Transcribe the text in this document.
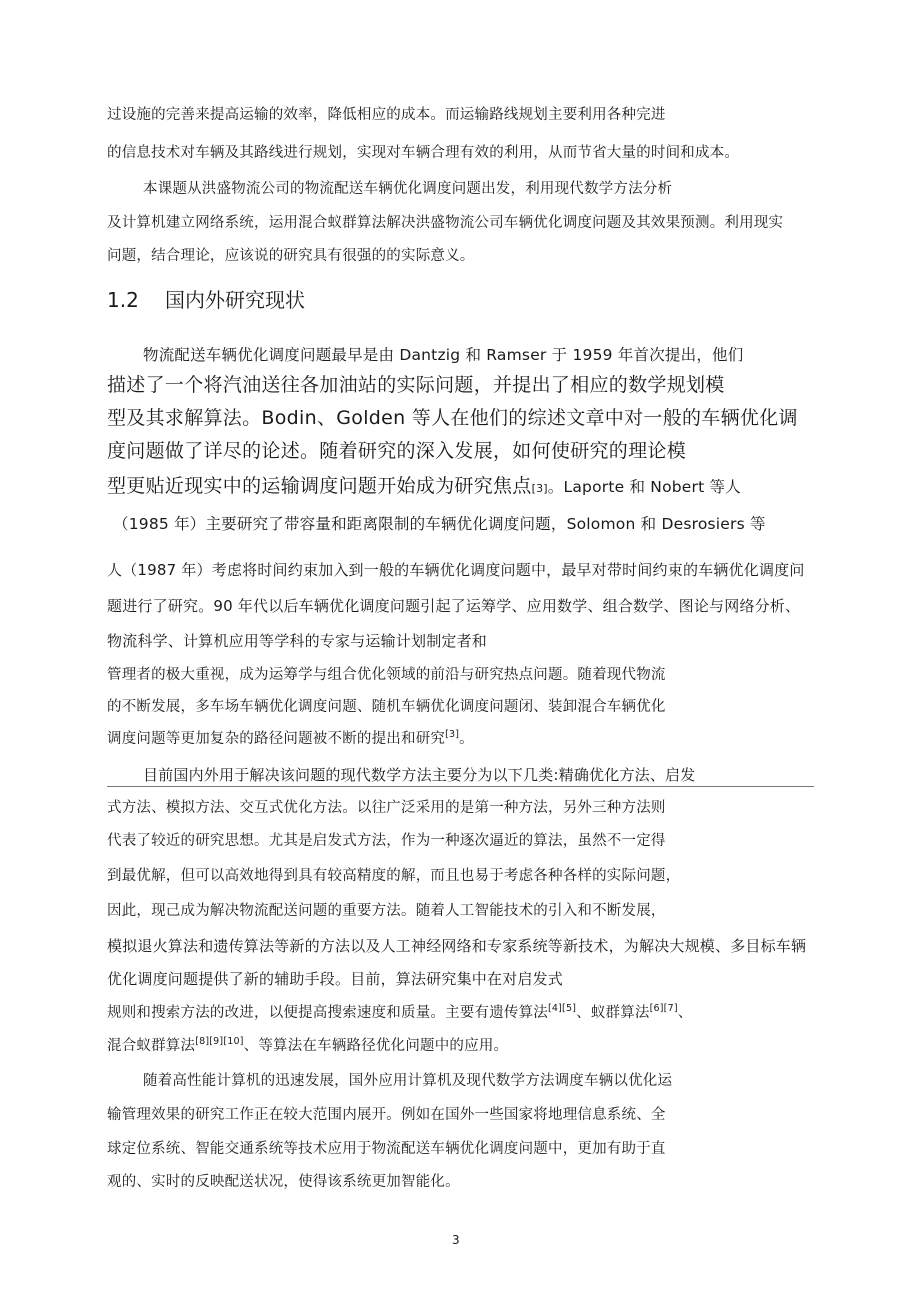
过设施的完善来提高运输的效率，降低相应的成本。而运输路线规划主要利用各种完进
的信息技术对车辆及其路线进行规划，实现对车辆合理有效的利用，从而节省大量的时间和成本。
本课题从洪盛物流公司的物流配送车辆优化调度问题出发，利用现代数学方法分析
及计算机建立网络系统，运用混合蚁群算法解决洪盛物流公司车辆优化调度问题及其效果预测。利用现实
问题，结合理论，应该说的研究具有很强的的实际意义。
1.2 国内外研究现状
物流配送车辆优化调度问题最早是由 Dantzig 和 Ramser 于 1959 年首次提出，他们
描述了一个将汽油送往各加油站的实际问题，并提出了相应的数学规划模
型及其求解算法。Bodin、Golden 等人在他们的综述文章中对一般的车辆优化调
度问题做了详尽的论述。随着研究的深入发展，如何使研究的理论模
型更贴近现实中的运输调度问题开始成为研究焦点[3]。Laporte 和 Nobert 等人
（1985 年）主要研究了带容量和距离限制的车辆优化调度问题，Solomon 和 Desrosiers 等
人（1987 年）考虑将时间约束加入到一般的车辆优化调度问题中，最早对带时间约束的车辆优化调度问
题进行了研究。90 年代以后车辆优化调度问题引起了运筹学、应用数学、组合数学、图论与网络分析、
物流科学、计算机应用等学科的专家与运输计划制定者和
管理者的极大重视，成为运筹学与组合优化领域的前沿与研究热点问题。随着现代物流
的不断发展，多车场车辆优化调度问题、随机车辆优化调度问题闭、装卸混合车辆优化
调度问题等更加复杂的路径问题被不断的提出和研究[3]。
目前国内外用于解决该问题的现代数学方法主要分为以下几类:精确优化方法、启发
式方法、模拟方法、交互式优化方法。以往广泛采用的是第一种方法，另外三种方法则
代表了较近的研究思想。尤其是启发式方法，作为一种逐次逼近的算法，虽然不一定得
到最优解，但可以高效地得到具有较高精度的解，而且也易于考虑各种各样的实际问题，
因此，现己成为解决物流配送问题的重要方法。随着人工智能技术的引入和不断发展，
模拟退火算法和遗传算法等新的方法以及人工神经网络和专家系统等新技术，为解决大规模、多目标车辆
优化调度问题提供了新的辅助手段。目前，算法研究集中在对启发式
规则和搜索方法的改进，以便提高搜索速度和质量。主要有遗传算法[4][5]、蚁群算法[6][7]、
混合蚁群算法[8][9][10]、等算法在车辆路径优化问题中的应用。
随着高性能计算机的迅速发展，国外应用计算机及现代数学方法调度车辆以优化运
输管理效果的研究工作正在较大范围内展开。例如在国外一些国家将地理信息系统、全
球定位系统、智能交通系统等技术应用于物流配送车辆优化调度问题中，更加有助于直
观的、实时的反映配送状况，使得该系统更加智能化。
3
